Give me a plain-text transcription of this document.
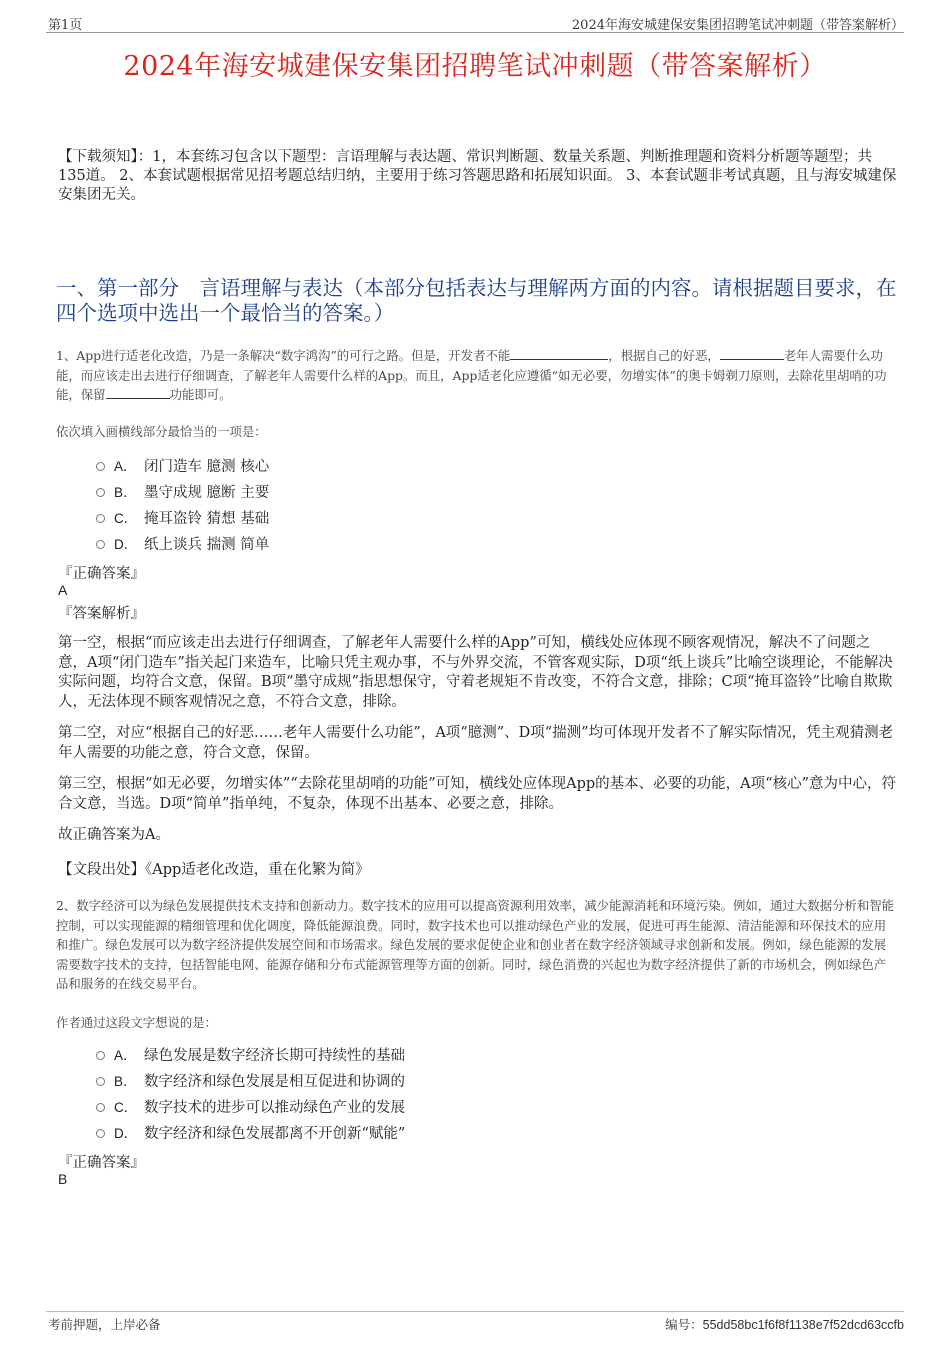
第1页	2024年海安城建保安集团招聘笔试冲刺题（带答案解析）
2024年海安城建保安集团招聘笔试冲刺题（带答案解析）
【下载须知】：1，本套练习包含以下题型：言语理解与表达题、常识判断题、数量关系题、判断推理题和资料分析题等题型；共135道。 2、本套试题根据常见招考题总结归纳，主要用于练习答题思路和拓展知识面。 3、本套试题非考试真题，且与海安城建保安集团无关。
一、第一部分　言语理解与表达（本部分包括表达与理解两方面的内容。请根据题目要求，在四个选项中选出一个最恰当的答案。）
1、App进行适老化改造，乃是一条解决“数字鸿沟”的可行之路。但是，开发者不能	，根据自己的好恶，	老年人需要什么功能，而应该走出去进行仔细调查，了解老年人需要什么样的App。而且，App适老化应遵循“如无必要，勿增实体”的奥卡姆剃刀原则，去除花里胡哨的功能，保留	功能即可。
依次填入画横线部分最恰当的一项是：
A． 闭门造车 臆测 核心
B． 墨守成规 臆断 主要
C． 掩耳盗铃 猜想 基础
D． 纸上谈兵 揣测 简单
『正确答案』
A
『答案解析』
第一空，根据“而应该走出去进行仔细调查，了解老年人需要什么样的App”可知，横线处应体现不顾客观情况，解决不了问题之意，A项“闭门造车”指关起门来造车，比喻只凭主观办事，不与外界交流，不管客观实际，D项“纸上谈兵”比喻空谈理论，不能解决实际问题，均符合文意，保留。B项“墨守成规”指思想保守，守着老规矩不肯改变，不符合文意，排除；C项“掩耳盗铃”比喻自欺欺人，无法体现不顾客观情况之意，不符合文意，排除。
第二空，对应“根据自己的好恶……老年人需要什么功能”，A项“臆测”、D项“揣测”均可体现开发者不了解实际情况，凭主观猜测老年人需要的功能之意，符合文意，保留。
第三空，根据“如无必要，勿增实体”“去除花里胡哨的功能”可知，横线处应体现App的基本、必要的功能，A项“核心”意为中心，符合文意，当选。D项“简单”指单纯，不复杂，体现不出基本、必要之意，排除。
故正确答案为A。
【文段出处】《App适老化改造，重在化繁为简》
2、数字经济可以为绿色发展提供技术支持和创新动力。数字技术的应用可以提高资源利用效率，减少能源消耗和环境污染。例如，通过大数据分析和智能控制，可以实现能源的精细管理和优化调度，降低能源浪费。同时，数字技术也可以推动绿色产业的发展，促进可再生能源、清洁能源和环保技术的应用和推广。绿色发展可以为数字经济提供发展空间和市场需求。绿色发展的要求促使企业和创业者在数字经济领域寻求创新和发展。例如，绿色能源的发展需要数字技术的支持，包括智能电网、能源存储和分布式能源管理等方面的创新。同时，绿色消费的兴起也为数字经济提供了新的市场机会，例如绿色产品和服务的在线交易平台。
作者通过这段文字想说的是：
A． 绿色发展是数字经济长期可持续性的基础
B． 数字经济和绿色发展是相互促进和协调的
C． 数字技术的进步可以推动绿色产业的发展
D． 数字经济和绿色发展都离不开创新“赋能”
『正确答案』
B
考前押题，上岸必备	编号：55dd58bc1f6f8f1138e7f52dcd63ccfb
